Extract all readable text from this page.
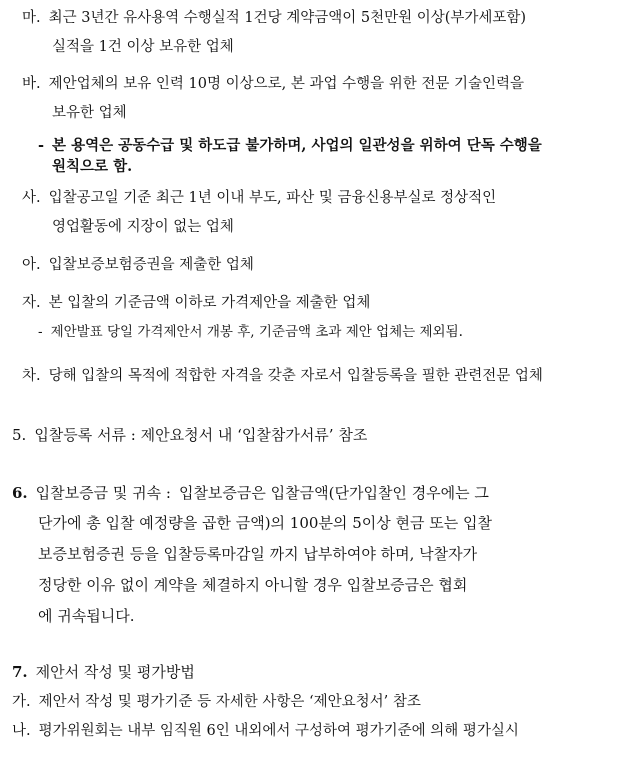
마. 최근 3년간 유사용역 수행실적 1건당 계약금액이 5천만원 이상(부가세포함)
실적을 1건 이상 보유한 업체
바. 제안업체의 보유 인력 10명 이상으로, 본 과업 수행을 위한 전문 기술인력을
보유한 업체
- 본 용역은 공동수급 및 하도급 불가하며, 사업의 일관성을 위하여 단독 수행을
원칙으로 함.
사. 입찰공고일 기준 최근 1년 이내 부도, 파산 및 금융신용부실로 정상적인
영업활동에 지장이 없는 업체
아. 입찰보증보험증권을 제출한 업체
자. 본 입찰의 기준금액 이하로 가격제안을 제출한 업체
- 제안발표 당일 가격제안서 개봉 후, 기준금액 초과 제안 업체는 제외됨.
차. 당해 입찰의 목적에 적합한 자격을 갖춘 자로서 입찰등록을 필한 관련전문 업체
5. 입찰등록 서류 : 제안요청서 내 ‘입찰참가서류’ 참조
6. 입찰보증금 및 귀속 : 입찰보증금은 입찰금액(단가입찰인 경우에는 그
단가에 총 입찰 예정량을 곱한 금액)의 100분의 5이상 현금 또는 입찰
보증보험증권 등을 입찰등록마감일 까지 납부하여야 하며, 낙찰자가
정당한 이유 없이 계약을 체결하지 아니할 경우 입찰보증금은 협회
에 귀속됩니다.
7. 제안서 작성 및 평가방법
가. 제안서 작성 및 평가기준 등 자세한 사항은 ‘제안요청서’ 참조
나. 평가위원회는 내부 임직원 6인 내외에서 구성하여 평가기준에 의해 평가실시
